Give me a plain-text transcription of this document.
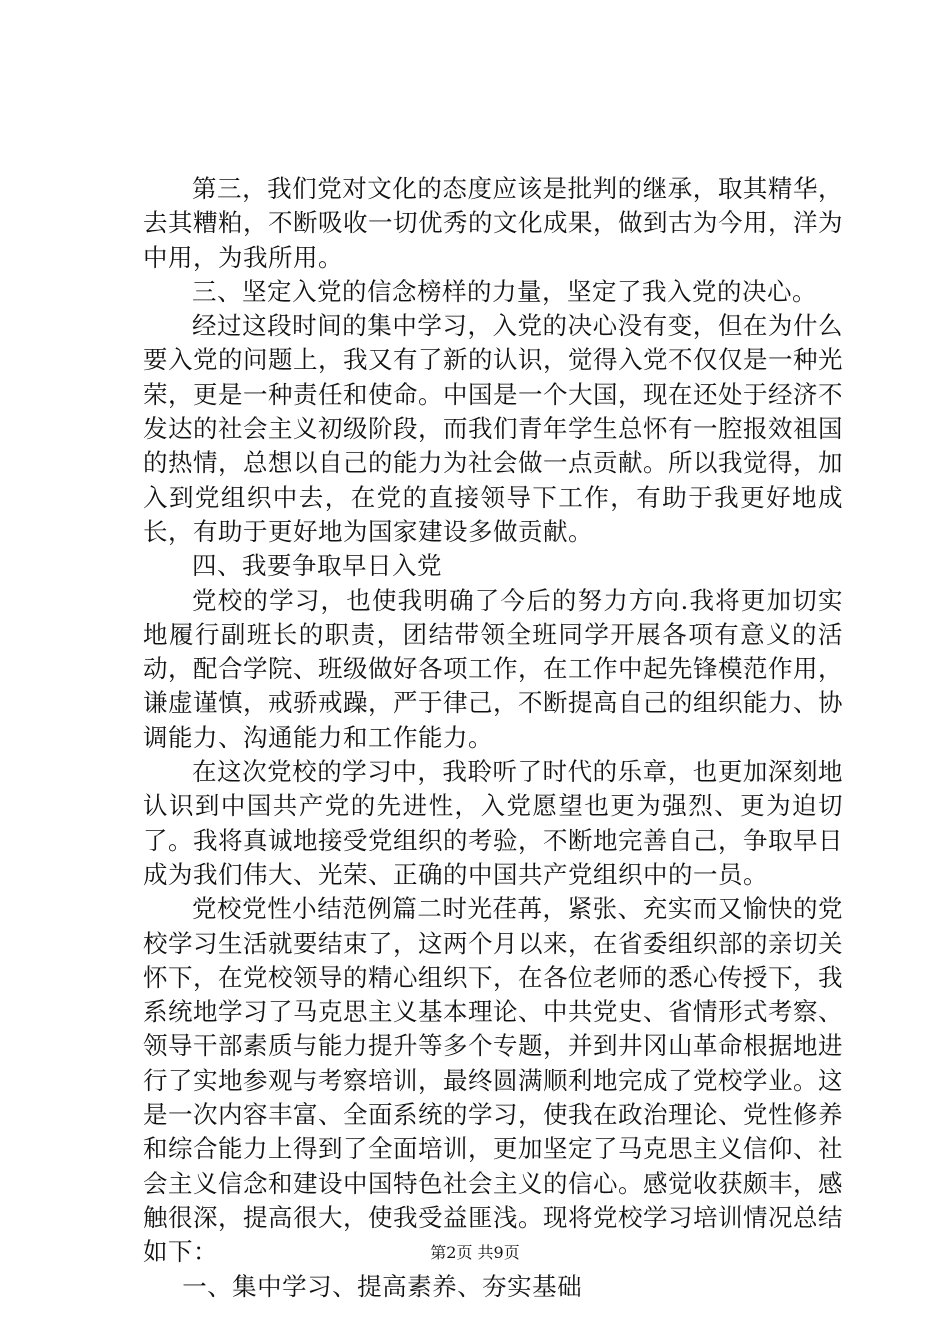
第三，我们党对文化的态度应该是批判的继承，取其精华，去其糟粕，不断吸收一切优秀的文化成果，做到古为今用，洋为中用，为我所用。

三、坚定入党的信念榜样的力量，坚定了我入党的决心。

经过这段时间的集中学习，入党的决心没有变，但在为什么要入党的问题上，我又有了新的认识，觉得入党不仅仅是一种光荣，更是一种责任和使命。中国是一个大国，现在还处于经济不发达的社会主义初级阶段，而我们青年学生总怀有一腔报效祖国的热情，总想以自己的能力为社会做一点贡献。所以我觉得，加入到党组织中去，在党的直接领导下工作，有助于我更好地成长，有助于更好地为国家建设多做贡献。

四、我要争取早日入党

党校的学习，也使我明确了今后的努力方向.我将更加切实地履行副班长的职责，团结带领全班同学开展各项有意义的活动，配合学院、班级做好各项工作，在工作中起先锋模范作用，谦虚谨慎，戒骄戒躁，严于律己，不断提高自己的组织能力、协调能力、沟通能力和工作能力。

在这次党校的学习中，我聆听了时代的乐章，也更加深刻地认识到中国共产党的先进性，入党愿望也更为强烈、更为迫切了。我将真诚地接受党组织的考验，不断地完善自己，争取早日成为我们伟大、光荣、正确的中国共产党组织中的一员。

党校党性小结范例篇二时光荏苒，紧张、充实而又愉快的党校学习生活就要结束了，这两个月以来，在省委组织部的亲切关怀下，在党校领导的精心组织下，在各位老师的悉心传授下，我系统地学习了马克思主义基本理论、中共党史、省情形式考察、领导干部素质与能力提升等多个专题，并到井冈山革命根据地进行了实地参观与考察培训，最终圆满顺利地完成了党校学业。这是一次内容丰富、全面系统的学习，使我在政治理论、党性修养和综合能力上得到了全面培训，更加坚定了马克思主义信仰、社会主义信念和建设中国特色社会主义的信心。感觉收获颇丰，感触很深，提高很大，使我受益匪浅。现将党校学习培训情况总结如下：

一、集中学习、提高素养、夯实基础

第2页 共9页
